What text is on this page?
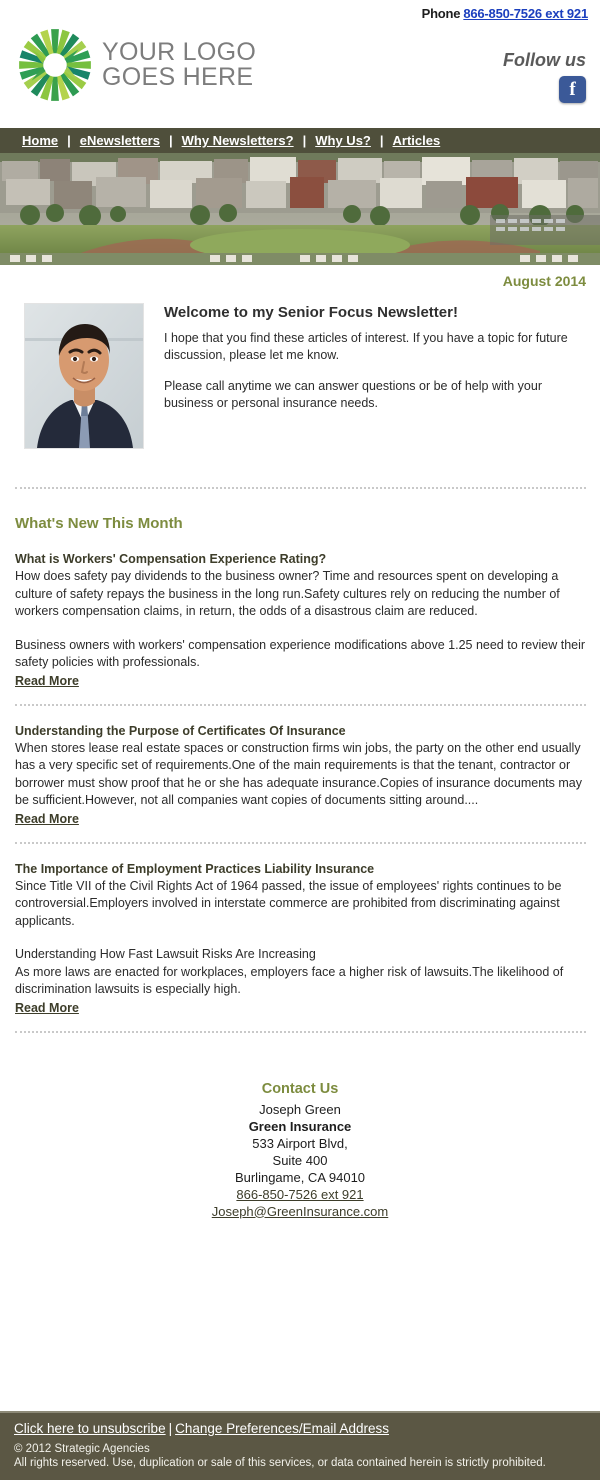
Phone 866-850-7526 ext 921
YOUR LOGO
GOES HERE
Follow us
f
Home | eNewsletters | Why Newsletters? | Why Us? | Articles
August 2014
Welcome to my Senior Focus Newsletter!
I hope that you find these articles of interest. If you have a topic for future discussion, please let me know.
Please call anytime we can answer questions or be of help with your business or personal insurance needs.
What's New This Month
What is Workers' Compensation Experience Rating?
How does safety pay dividends to the business owner? Time and resources spent on developing a culture of safety repays the business in the long run.Safety cultures rely on reducing the number of workers compensation claims, in return, the odds of a disastrous claim are reduced.
Business owners with workers' compensation experience modifications above 1.25 need to review their safety policies with professionals.
Read More
Understanding the Purpose of Certificates Of Insurance
When stores lease real estate spaces or construction firms win jobs, the party on the other end usually has a very specific set of requirements.One of the main requirements is that the tenant, contractor or borrower must show proof that he or she has adequate insurance.Copies of insurance documents may be sufficient.However, not all companies want copies of documents sitting around....
Read More
The Importance of Employment Practices Liability Insurance
Since Title VII of the Civil Rights Act of 1964 passed, the issue of employees' rights continues to be controversial.Employers involved in interstate commerce are prohibited from discriminating against applicants.
Understanding How Fast Lawsuit Risks Are Increasing
As more laws are enacted for workplaces, employers face a higher risk of lawsuits.The likelihood of discrimination lawsuits is especially high.
Read More
Contact Us
Joseph Green
Green Insurance
533 Airport Blvd,
Suite 400
Burlingame, CA 94010
866-850-7526 ext 921
Joseph@GreenInsurance.com
Click here to unsubscribe | Change Preferences/Email Address
© 2012 Strategic Agencies
All rights reserved. Use, duplication or sale of this services, or data contained herein is strictly prohibited.
